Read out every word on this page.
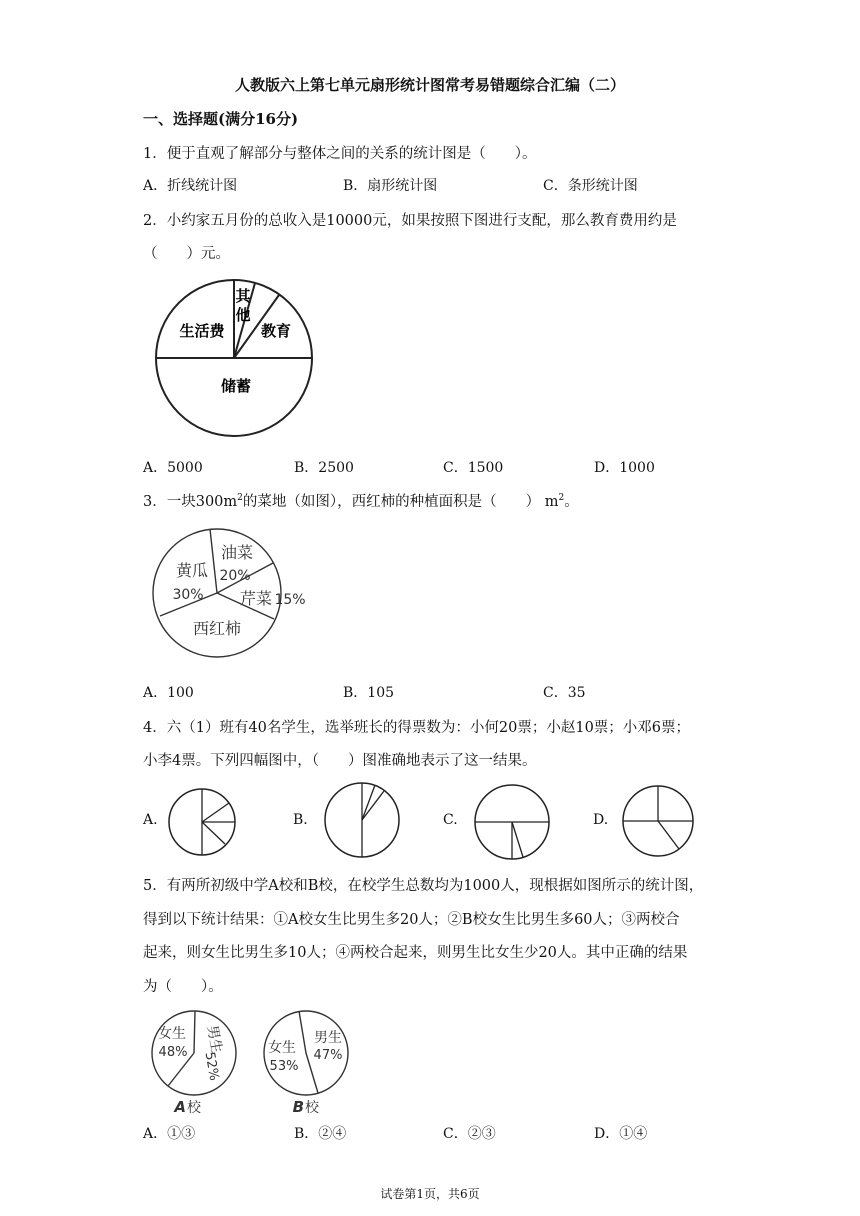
人教版六上第七单元扇形统计图常考易错题综合汇编（二）
一、选择题(满分16分)
1．便于直观了解部分与整体之间的关系的统计图是（　　）。
A．折线统计图	B．扇形统计图	C．条形统计图
2．小约家五月份的总收入是10000元，如果按照下图进行支配，那么教育费用约是
（　　）元。
生活费
其
他
教育
储蓄
A．5000	B．2500	C．1500	D．1000
3．一块$300m^2$的菜地（如图），西红柿的种植面积是（　　） $m^2$。
黄瓜
30%
油菜
20%
芹菜 15%
西红柿
A．100	B．105	C．35
4．六（1）班有40名学生，选举班长的得票数为：小何20票；小赵10票；小邓6票；
小李4票。下列四幅图中，（　　）图准确地表示了这一结果。
A.	B.	C.	D.
5．有两所初级中学A校和B校，在校学生总数均为1000人，现根据如图所示的统计图，
得到以下统计结果：①A校女生比男生多20人；②B校女生比男生多60人；③两校合
起来，则女生比男生多10人；④两校合起来，则男生比女生少20人。其中正确的结果
为（　　）。
女生
48% 男生
52%
A 校
女生
53%
男生
47%
B 校
A．①③	B．②④	C．②③	D．①④
试卷第1页，共6页
